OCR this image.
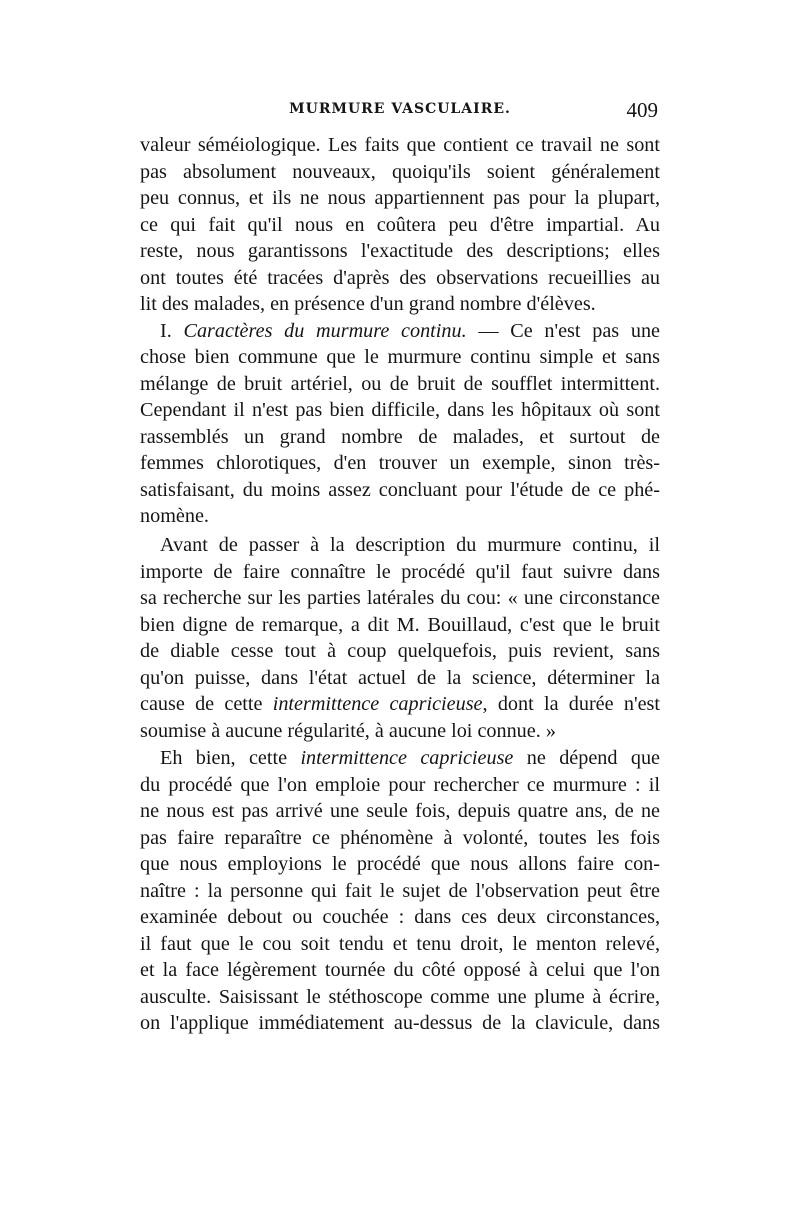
MURMURE VASCULAIRE.	409
valeur séméiologique. Les faits que contient ce travail ne sont
pas absolument nouveaux, quoiqu'ils soient généralement
peu connus, et ils ne nous appartiennent pas pour la plupart,
ce qui fait qu'il nous en coûtera peu d'être impartial. Au
reste, nous garantissons l'exactitude des descriptions; elles
ont toutes été tracées d'après des observations recueillies au
lit des malades, en présence d'un grand nombre d'élèves.
I. Caractères du murmure continu. — Ce n'est pas une
chose bien commune que le murmure continu simple et sans
mélange de bruit artériel, ou de bruit de soufflet intermittent.
Cependant il n'est pas bien difficile, dans les hôpitaux où sont
rassemblés un grand nombre de malades, et surtout de
femmes chlorotiques, d'en trouver un exemple, sinon très-
satisfaisant, du moins assez concluant pour l'étude de ce phé-
nomène.
Avant de passer à la description du murmure continu, il
importe de faire connaître le procédé qu'il faut suivre dans
sa recherche sur les parties latérales du cou: « une circonstance
bien digne de remarque, a dit M. Bouillaud, c'est que le bruit
de diable cesse tout à coup quelquefois, puis revient, sans
qu'on puisse, dans l'état actuel de la science, déterminer la
cause de cette intermittence capricieuse, dont la durée n'est
soumise à aucune régularité, à aucune loi connue. »
Eh bien, cette intermittence capricieuse ne dépend que
du procédé que l'on emploie pour rechercher ce murmure : il
ne nous est pas arrivé une seule fois, depuis quatre ans, de ne
pas faire reparaître ce phénomène à volonté, toutes les fois
que nous employions le procédé que nous allons faire con-
naître : la personne qui fait le sujet de l'observation peut être
examinée debout ou couchée : dans ces deux circonstances,
il faut que le cou soit tendu et tenu droit, le menton relevé,
et la face légèrement tournée du côté opposé à celui que l'on
ausculte. Saisissant le stéthoscope comme une plume à écrire,
on l'applique immédiatement au-dessus de la clavicule, dans
